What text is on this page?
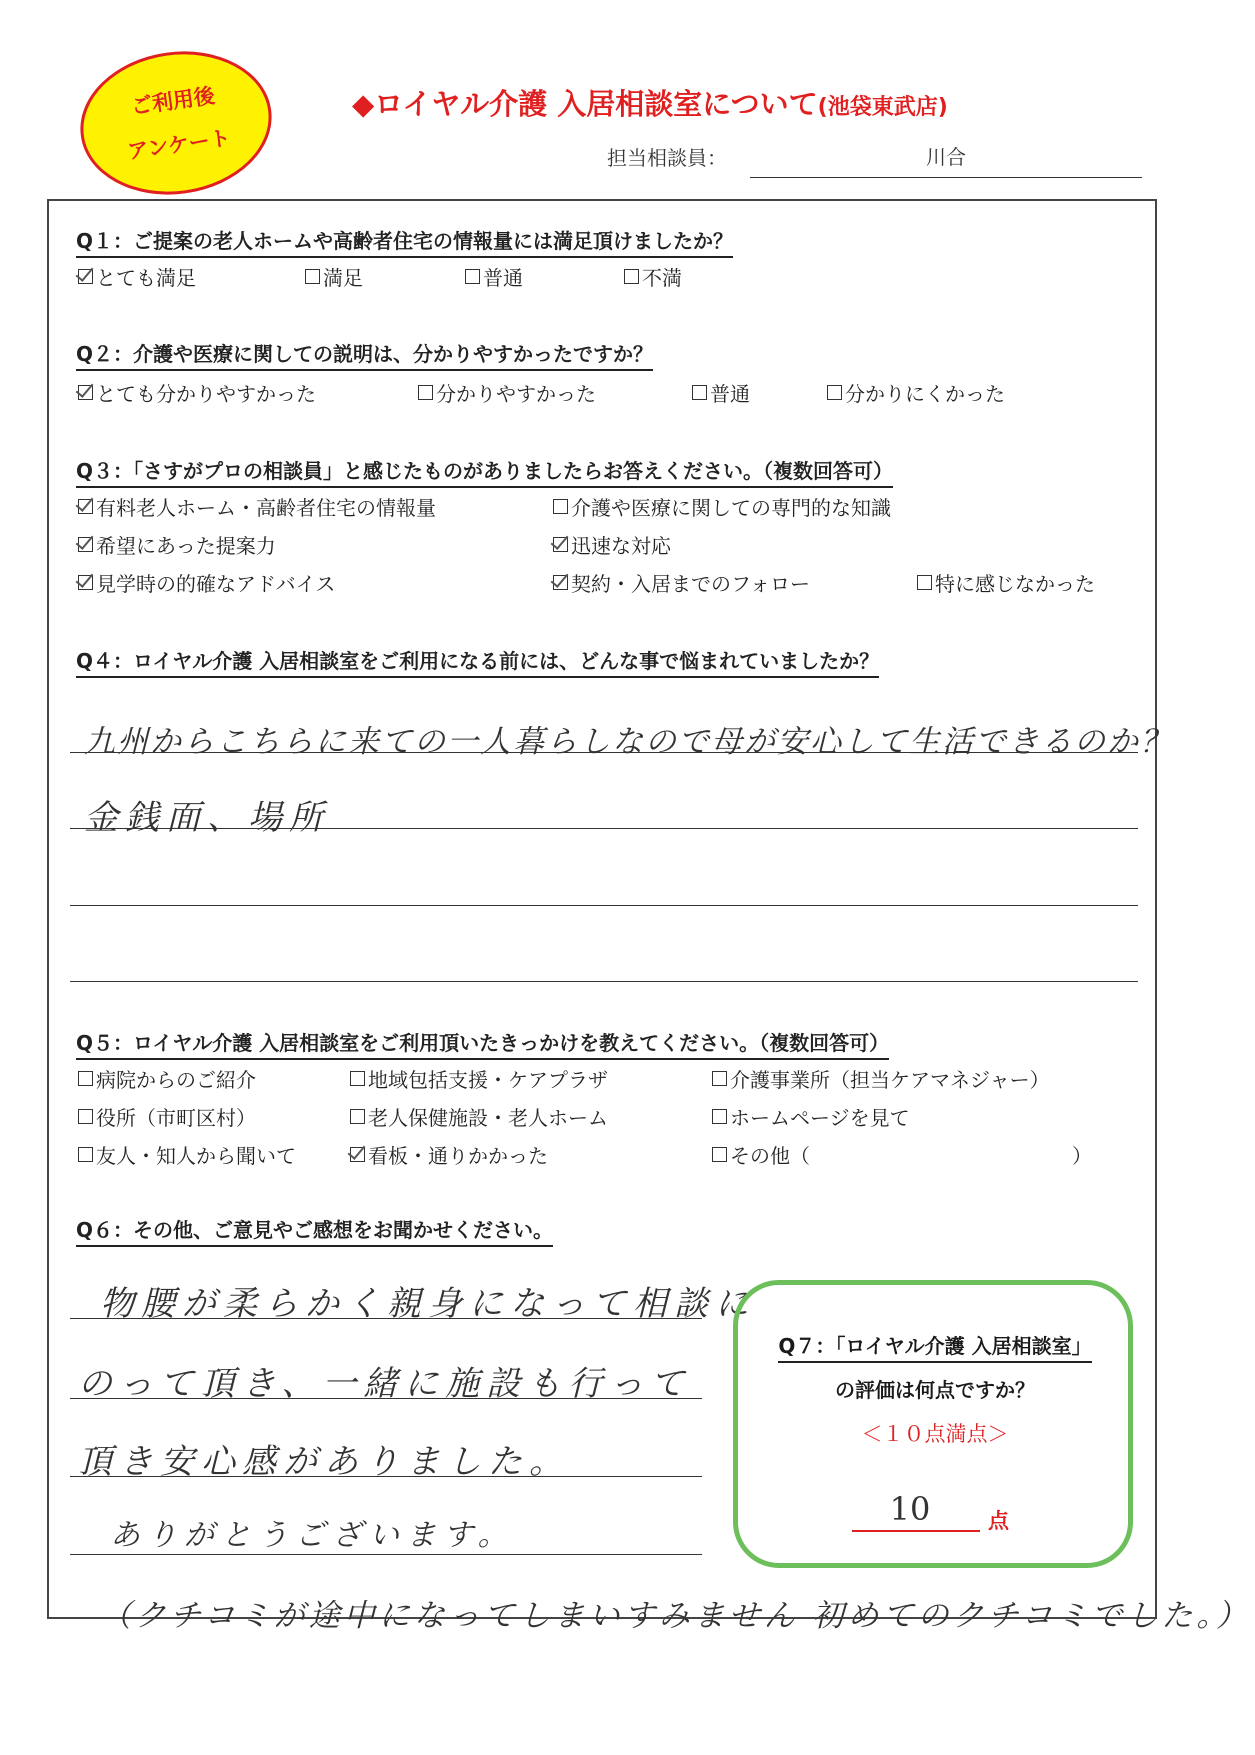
ご利用後
アンケート
◆ロイヤル介護 入居相談室について(池袋東武店)
担当相談員：	川合
Q１：ご提案の老人ホームや高齢者住宅の情報量には満足頂けましたか？
とても満足	満足	普通	不満
Q２：介護や医療に関しての説明は、分かりやすかったですか？
とても分かりやすかった	分かりやすかった	普通	分かりにくかった
Q３：「さすがプロの相談員」と感じたものがありましたらお答えください。（複数回答可）
有料老人ホーム・高齢者住宅の情報量	介護や医療に関しての専門的な知識
希望にあった提案力	迅速な対応
見学時の的確なアドバイス	契約・入居までのフォロー	特に感じなかった
Q４：ロイヤル介護 入居相談室をご利用になる前には、どんな事で悩まれていましたか？
九州からこちらに来ての一人暮らしなので母が安心して生活できるのか？
金銭面、場所
Q５：ロイヤル介護 入居相談室をご利用頂いたきっかけを教えてください。（複数回答可）
病院からのご紹介	地域包括支援・ケアプラザ	介護事業所（担当ケアマネジャー）
役所（市町区村）	老人保健施設・老人ホーム	ホームページを見て
友人・知人から聞いて	看板・通りかかった	その他（	）
Q６：その他、ご意見やご感想をお聞かせください。
物腰が柔らかく親身になって相談に
のって頂き、一緒に施設も行って
頂き安心感がありました。
ありがとうございます。
Q７：「ロイヤル介護 入居相談室」
の評価は何点ですか？
＜１０点満点＞
10	点
（クチコミが途中になってしまいすみません 初めてのクチコミでした。）
